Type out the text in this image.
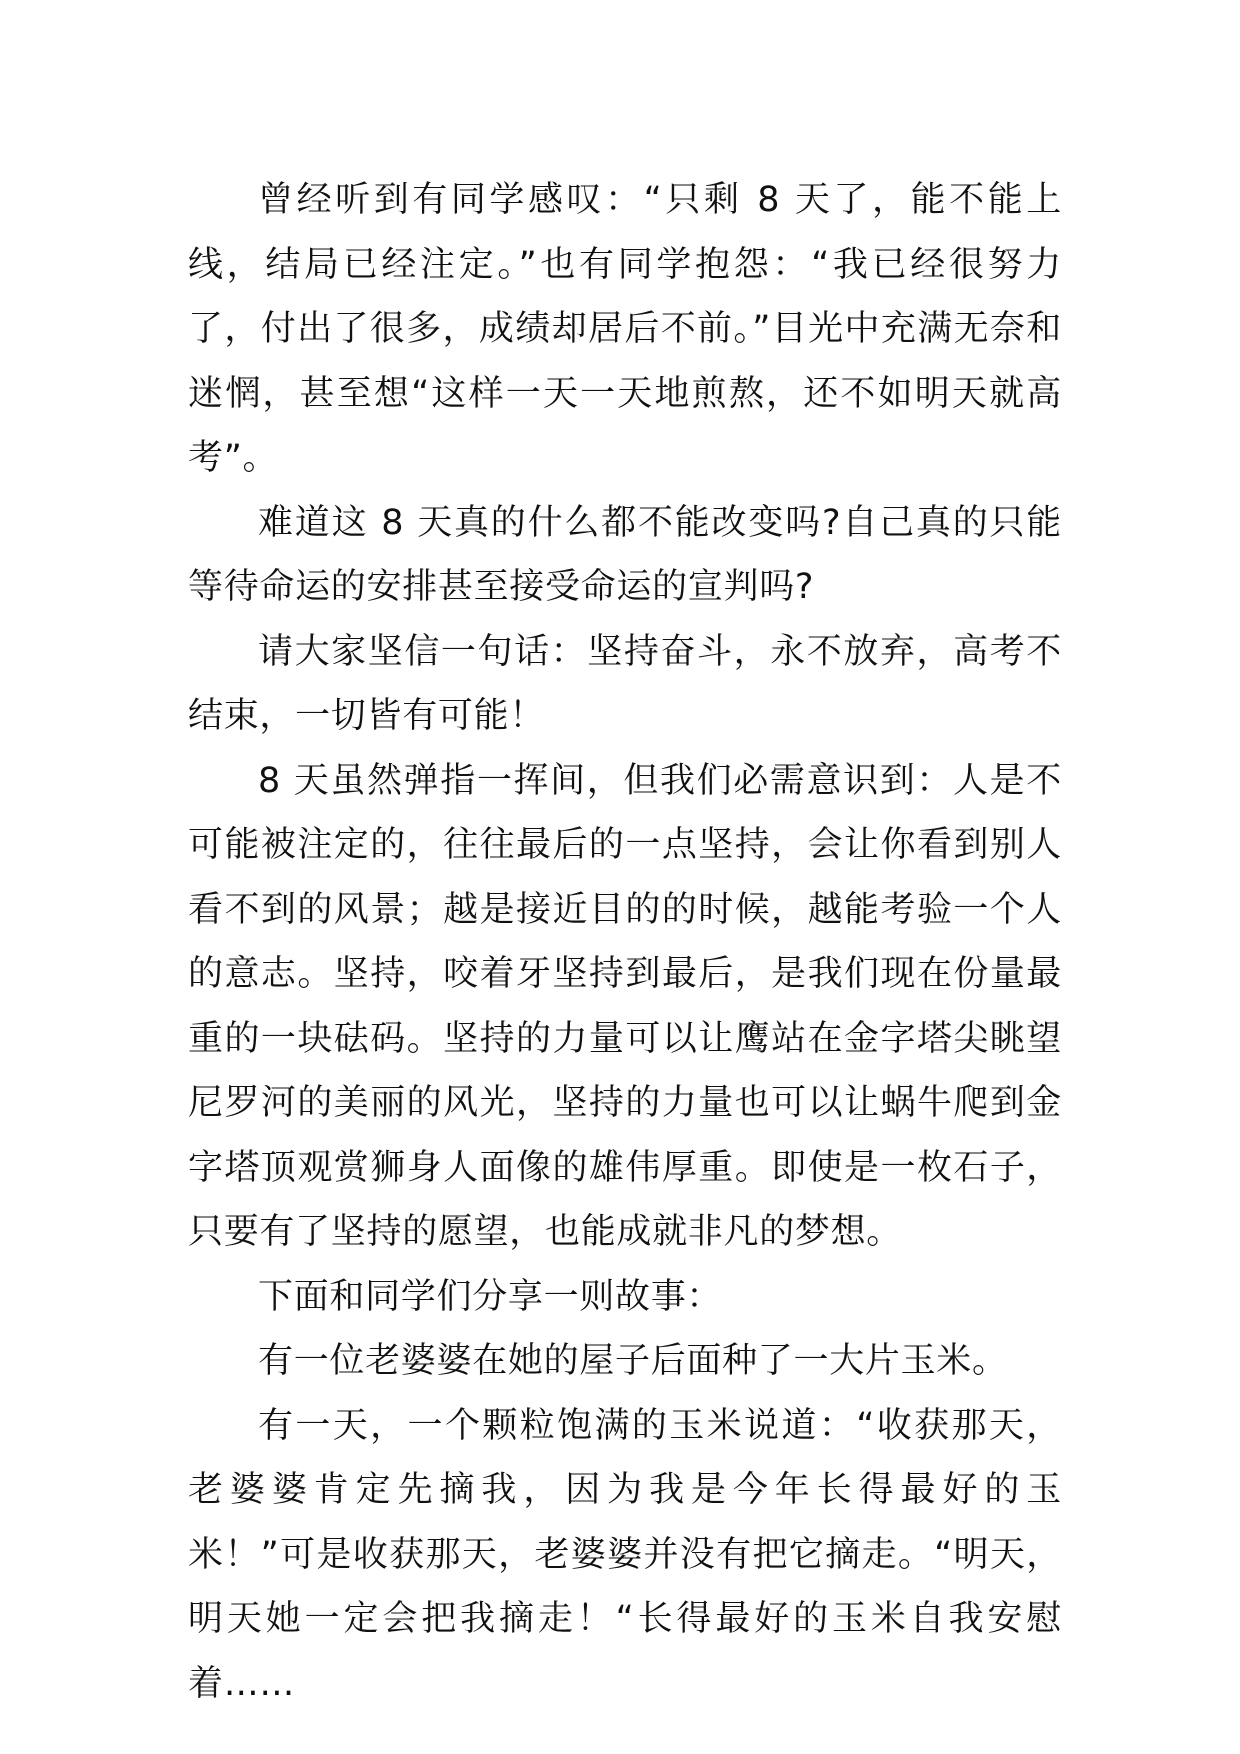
曾经听到有同学感叹：“只剩 8 天了，能不能上线，结局已经注定。”也有同学抱怨：“我已经很努力了，付出了很多，成绩却居后不前。”目光中充满无奈和迷惘，甚至想“这样一天一天地煎熬，还不如明天就高考”。

难道这 8 天真的什么都不能改变吗?自己真的只能等待命运的安排甚至接受命运的宣判吗?

请大家坚信一句话：坚持奋斗，永不放弃，高考不结束，一切皆有可能！

8 天虽然弹指一挥间，但我们必需意识到：人是不可能被注定的，往往最后的一点坚持，会让你看到别人看不到的风景；越是接近目的的时候，越能考验一个人的意志。坚持，咬着牙坚持到最后，是我们现在份量最重的一块砝码。坚持的力量可以让鹰站在金字塔尖眺望尼罗河的美丽的风光，坚持的力量也可以让蜗牛爬到金字塔顶观赏狮身人面像的雄伟厚重。即使是一枚石子，只要有了坚持的愿望，也能成就非凡的梦想。

下面和同学们分享一则故事：

有一位老婆婆在她的屋子后面种了一大片玉米。

有一天，一个颗粒饱满的玉米说道：“收获那天，老婆婆肯定先摘我，因为我是今年长得最好的玉米！”可是收获那天，老婆婆并没有把它摘走。“明天，明天她一定会把我摘走！“长得最好的玉米自我安慰着……
